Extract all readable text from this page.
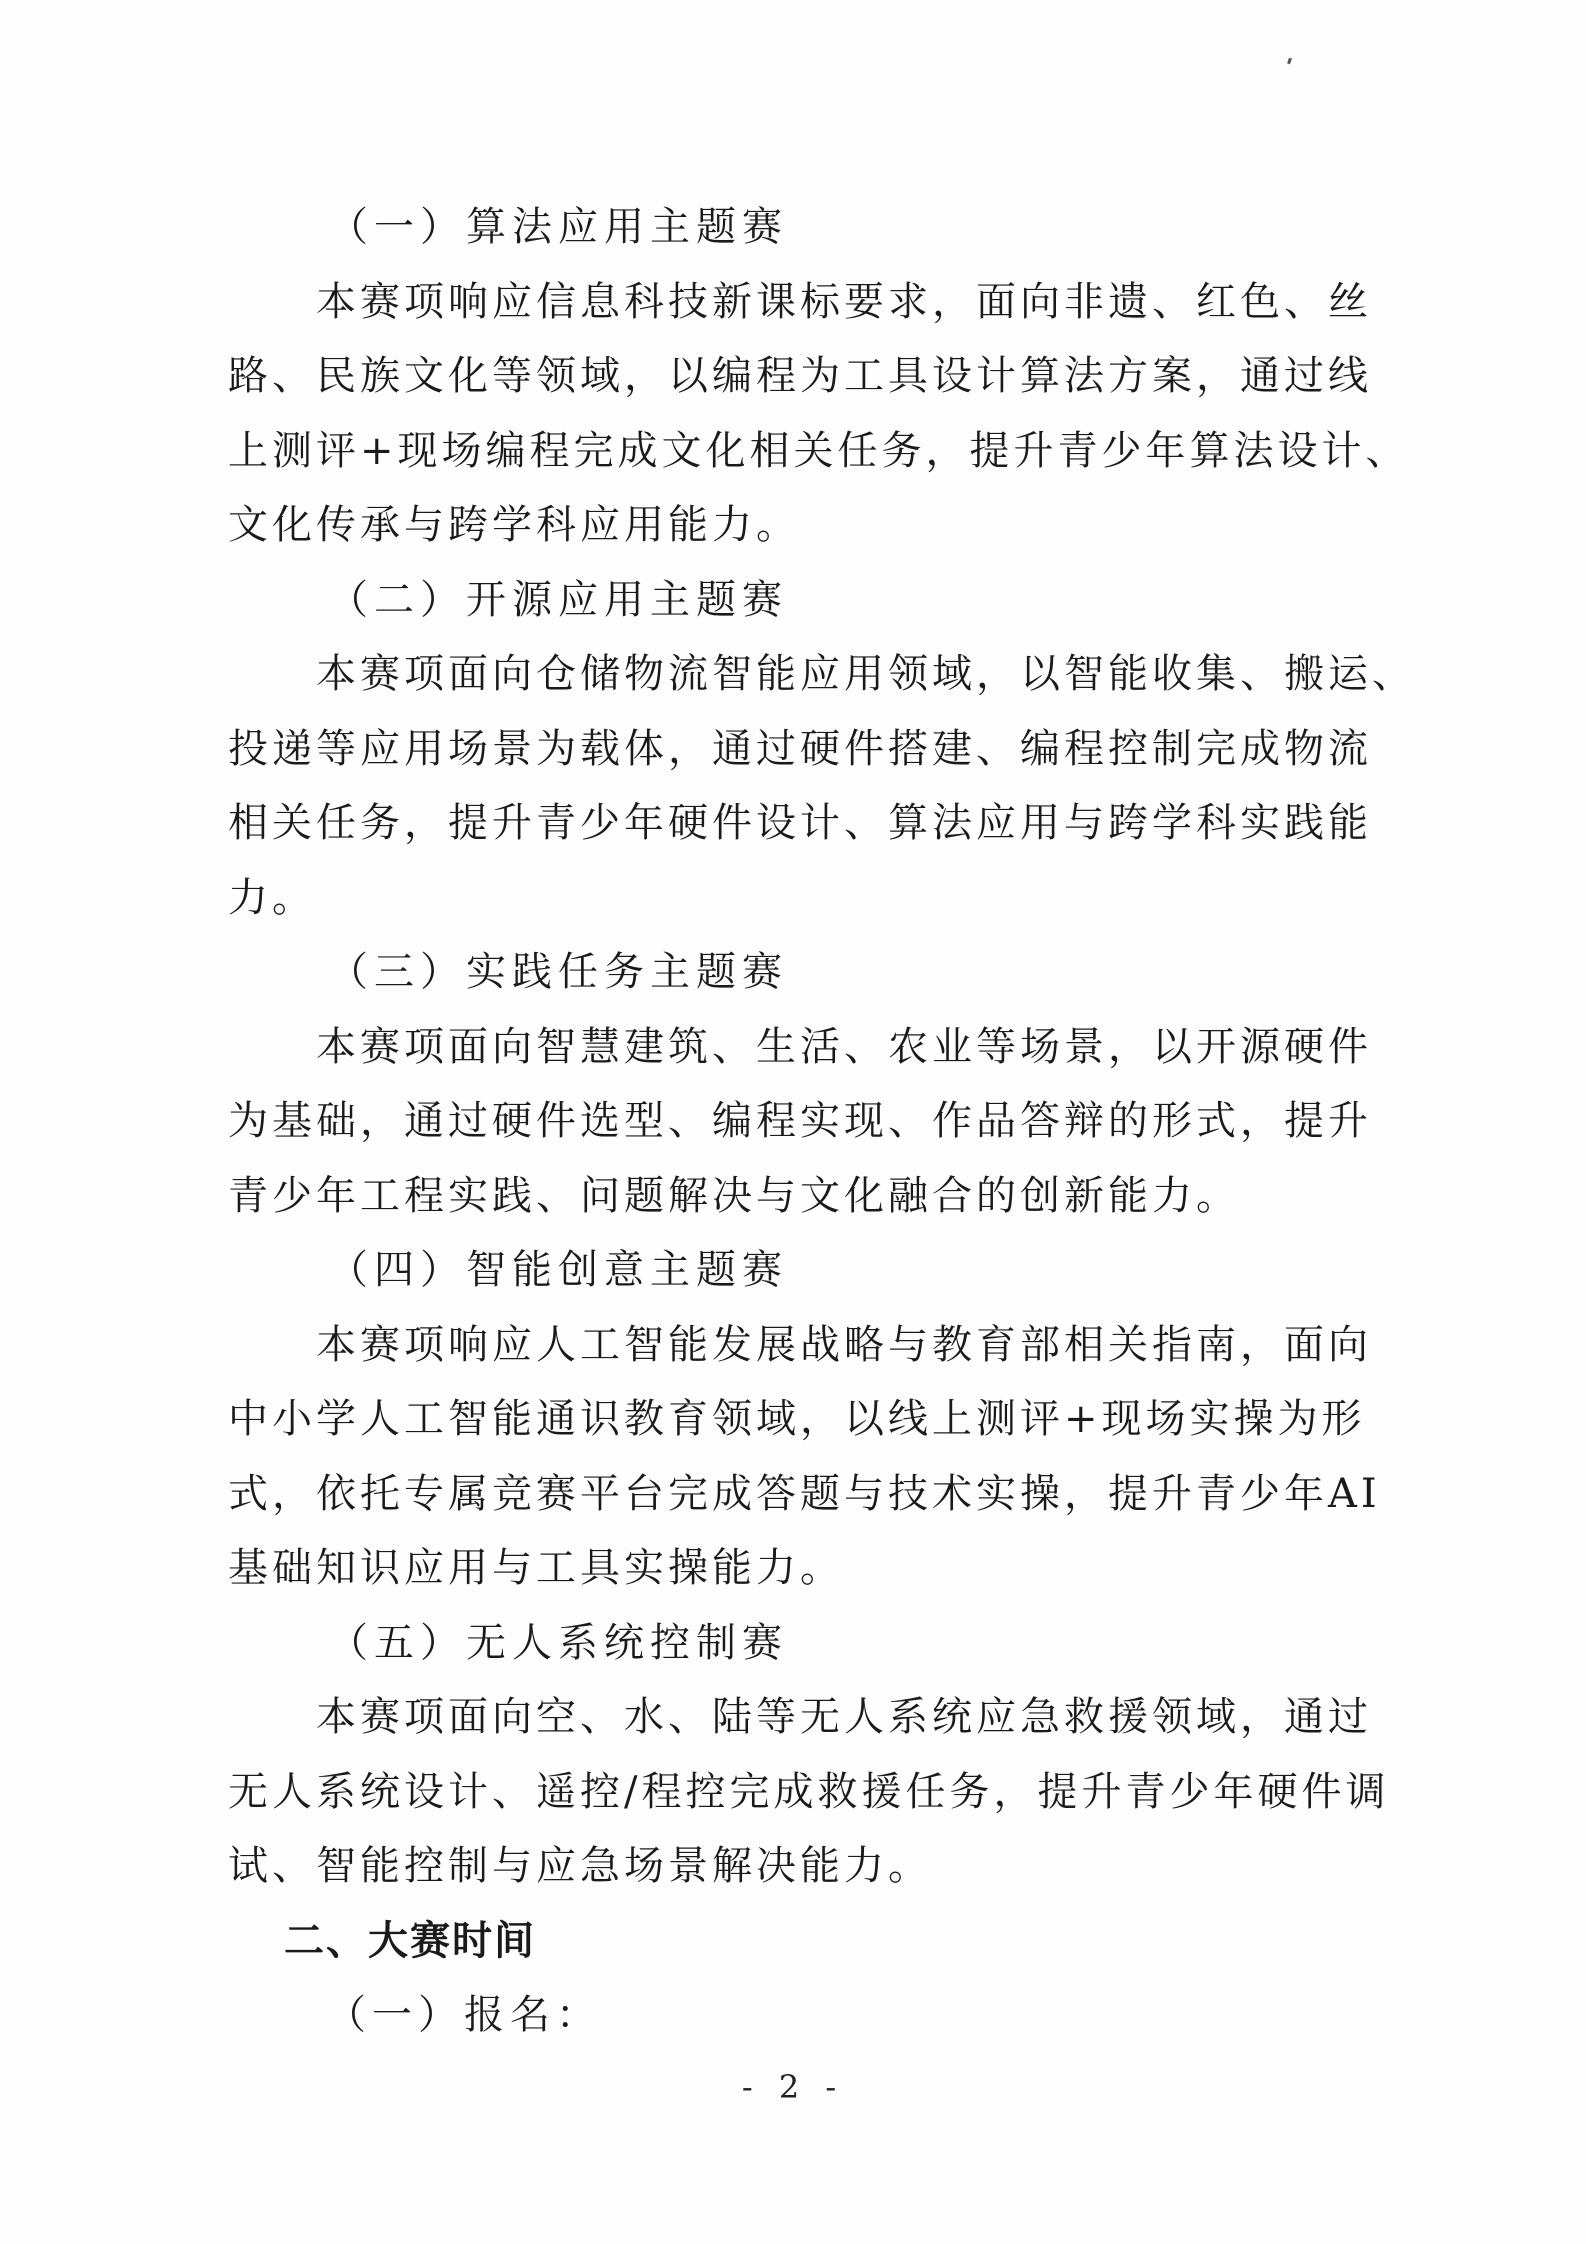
（一）算法应用主题赛

本赛项响应信息科技新课标要求，面向非遗、红色、丝

路、民族文化等领域，以编程为工具设计算法方案，通过线

上测评+现场编程完成文化相关任务，提升青少年算法设计、

文化传承与跨学科应用能力。

（二）开源应用主题赛

本赛项面向仓储物流智能应用领域，以智能收集、搬运、

投递等应用场景为载体，通过硬件搭建、编程控制完成物流

相关任务，提升青少年硬件设计、算法应用与跨学科实践能

力。

（三）实践任务主题赛

本赛项面向智慧建筑、生活、农业等场景，以开源硬件

为基础，通过硬件选型、编程实现、作品答辩的形式，提升

青少年工程实践、问题解决与文化融合的创新能力。

（四）智能创意主题赛

本赛项响应人工智能发展战略与教育部相关指南，面向

中小学人工智能通识教育领域，以线上测评+现场实操为形

式，依托专属竞赛平台完成答题与技术实操，提升青少年AI

基础知识应用与工具实操能力。

（五）无人系统控制赛

本赛项面向空、水、陆等无人系统应急救援领域，通过

无人系统设计、遥控/程控完成救援任务，提升青少年硬件调

试、智能控制与应急场景解决能力。

二、大赛时间

（一）报名：

- 2 -
